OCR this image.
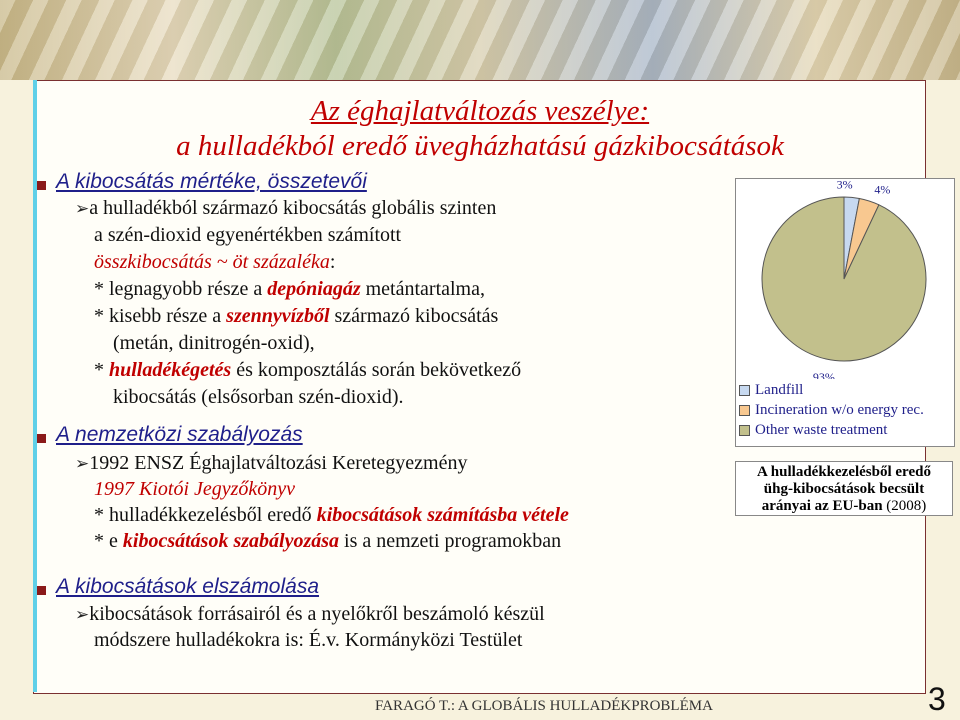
Az éghajlatváltozás veszélye:
a hulladékból eredő üvegházhatású gázkibocsátások
A kibocsátás mértéke, összetevői
➢a hulladékból származó kibocsátás globális szinten
a szén-dioxid egyenértékben számított
összkibocsátás ~ öt százaléka:
* legnagyobb része a depóniagáz metántartalma,
* kisebb része a szennyvízből származó kibocsátás
(metán, dinitrogén-oxid),
* hulladékégetés és komposztálás során bekövetkező
kibocsátás (elsősorban szén-dioxid).
A nemzetközi szabályozás
➢1992 ENSZ Éghajlatváltozási Keretegyezmény
1997 Kiotói Jegyzőkönyv
* hulladékkezelésből eredő kibocsátások számításba vétele
* e kibocsátások szabályozása is a nemzeti programokban
A kibocsátások elszámolása
➢kibocsátások forrásairól és a nyelőkről beszámoló készül
módszere hulladékokra is: É.v. Kormányközi Testület
3% 4%
93%
Landfill
Incineration w/o energy rec.
Other waste treatment
A hulladékkezelésből eredő
ühg-kibocsátások becsült
arányai az EU-ban (2008)
FARAGÓ T.: A GLOBÁLIS HULLADÉKPROBLÉMA	3
